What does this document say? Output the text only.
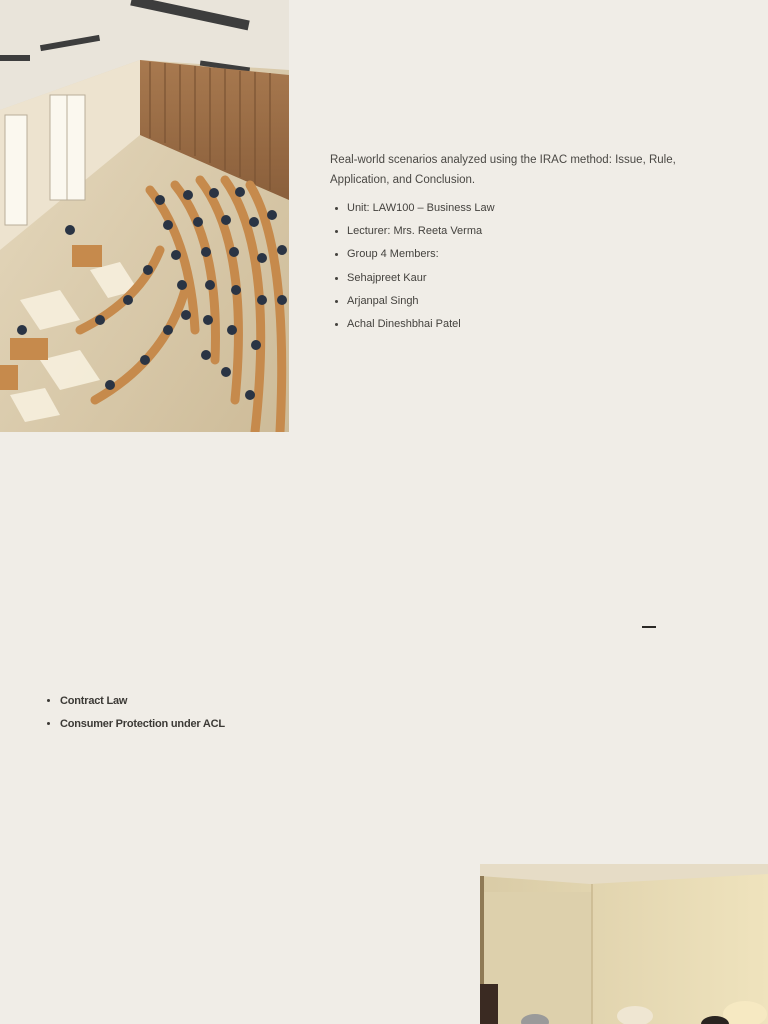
Real-world scenarios analyzed using the IRAC method: Issue, Rule, Application, and Conclusion.

• Unit: LAW100 – Business Law
• Lecturer: Mrs. Reeta Verma
• Group 4 Members:
• Sehajpreet Kaur
• Arjanpal Singh
• Achal Dineshbhai Patel
• Contract Law
• Consumer Protection under ACL
